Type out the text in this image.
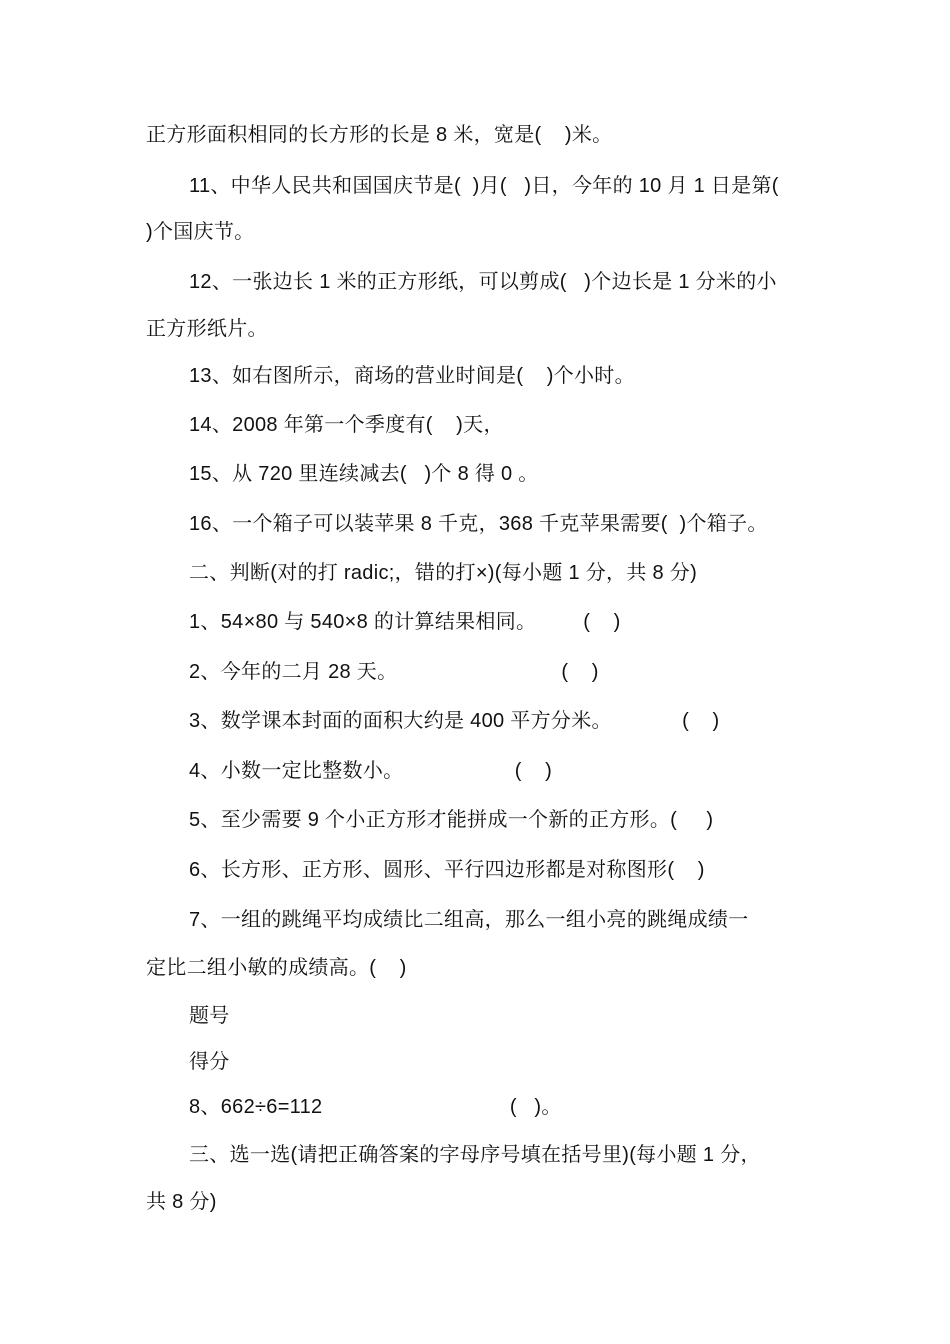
正方形面积相同的长方形的长是 8 米，宽是(    )米。
11、中华人民共和国国庆节是(  )月(   )日，今年的 10 月 1 日是第(
)个国庆节。
12、一张边长 1 米的正方形纸，可以剪成(   )个边长是 1 分米的小
正方形纸片。
13、如右图所示，商场的营业时间是(    )个小时。
14、2008 年第一个季度有(    )天，
15、从 720 里连续减去(   )个 8 得 0 。
16、一个箱子可以装苹果 8 千克，368 千克苹果需要(  )个箱子。
二、判断(对的打 radic;，错的打×)(每小题 1 分，共 8 分)
1、54×80 与 540×8 的计算结果相同。        (    )
2、今年的二月 28 天。                            (    )
3、数学课本封面的面积大约是 400 平方分米。            (    )
4、小数一定比整数小。                   (    )
5、至少需要 9 个小正方形才能拼成一个新的正方形。(     )
6、长方形、正方形、圆形、平行四边形都是对称图形(    )
7、一组的跳绳平均成绩比二组高，那么一组小亮的跳绳成绩一
定比二组小敏的成绩高。(    )
题号
得分
8、662÷6=112                                (   )。
三、选一选(请把正确答案的字母序号填在括号里)(每小题 1 分，
共 8 分)
